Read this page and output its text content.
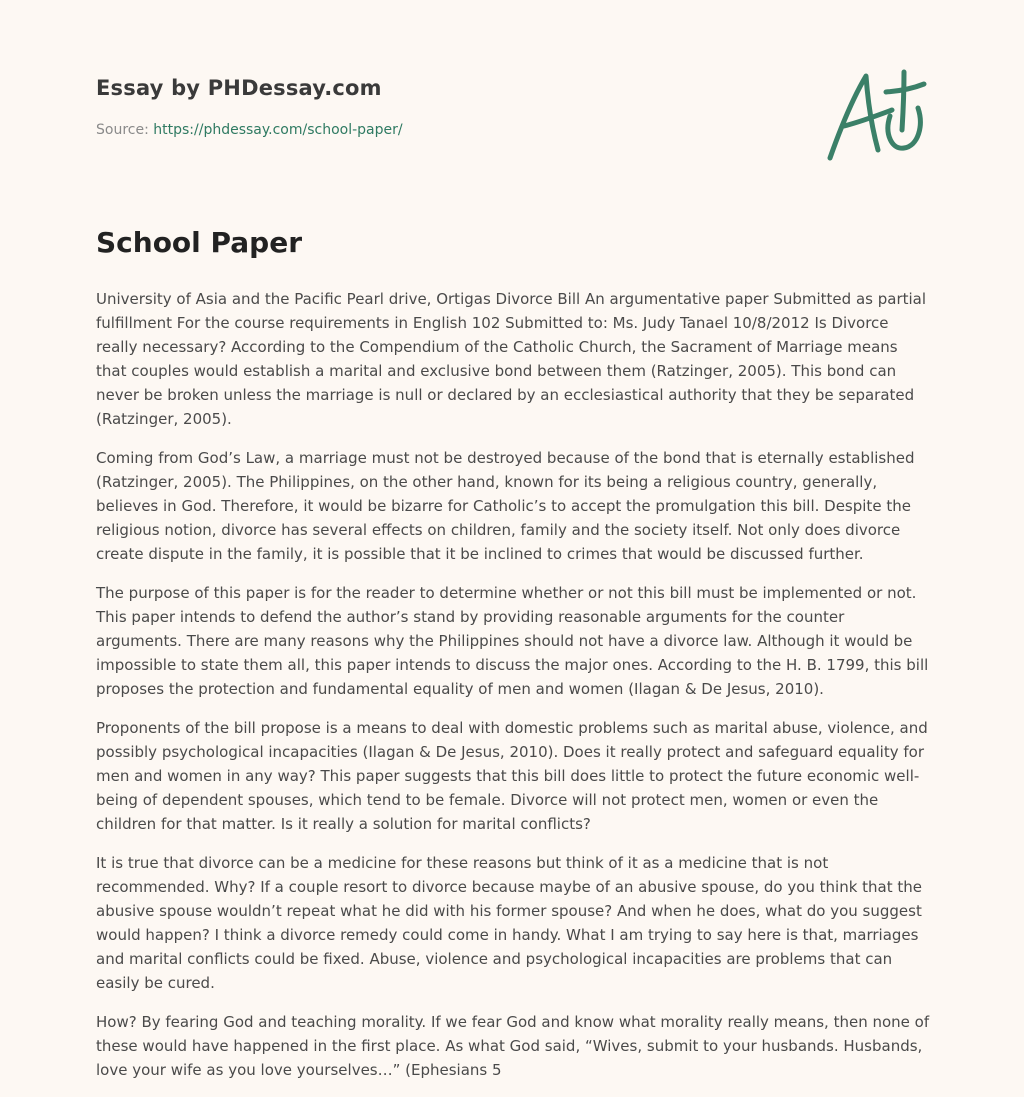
Essay by PHDessay.com
Source: https://phdessay.com/school-paper/
School Paper

University of Asia and the Pacific Pearl drive, Ortigas Divorce Bill An argumentative paper Submitted as partial fulfillment For the course requirements in English 102 Submitted to: Ms. Judy Tanael 10/8/2012 Is Divorce really necessary? According to the Compendium of the Catholic Church, the Sacrament of Marriage means that couples would establish a marital and exclusive bond between them (Ratzinger, 2005). This bond can never be broken unless the marriage is null or declared by an ecclesiastical authority that they be separated (Ratzinger, 2005).

Coming from God’s Law, a marriage must not be destroyed because of the bond that is eternally established (Ratzinger, 2005). The Philippines, on the other hand, known for its being a religious country, generally, believes in God. Therefore, it would be bizarre for Catholic’s to accept the promulgation this bill. Despite the religious notion, divorce has several effects on children, family and the society itself. Not only does divorce create dispute in the family, it is possible that it be inclined to crimes that would be discussed further.

The purpose of this paper is for the reader to determine whether or not this bill must be implemented or not. This paper intends to defend the author’s stand by providing reasonable arguments for the counter arguments. There are many reasons why the Philippines should not have a divorce law. Although it would be impossible to state them all, this paper intends to discuss the major ones. According to the H. B. 1799, this bill proposes the protection and fundamental equality of men and women (Ilagan & De Jesus, 2010).

Proponents of the bill propose is a means to deal with domestic problems such as marital abuse, violence, and possibly psychological incapacities (Ilagan & De Jesus, 2010). Does it really protect and safeguard equality for men and women in any way? This paper suggests that this bill does little to protect the future economic well-being of dependent spouses, which tend to be female. Divorce will not protect men, women or even the children for that matter. Is it really a solution for marital conflicts?

It is true that divorce can be a medicine for these reasons but think of it as a medicine that is not recommended. Why? If a couple resort to divorce because maybe of an abusive spouse, do you think that the abusive spouse wouldn’t repeat what he did with his former spouse? And when he does, what do you suggest would happen? I think a divorce remedy could come in handy. What I am trying to say here is that, marriages and marital conflicts could be fixed. Abuse, violence and psychological incapacities are problems that can easily be cured.

How? By fearing God and teaching morality. If we fear God and know what morality really means, then none of these would have happened in the first place. As what God said, “Wives, submit to your husbands. Husbands, love your wife as you love yourselves…” (Ephesians 5
